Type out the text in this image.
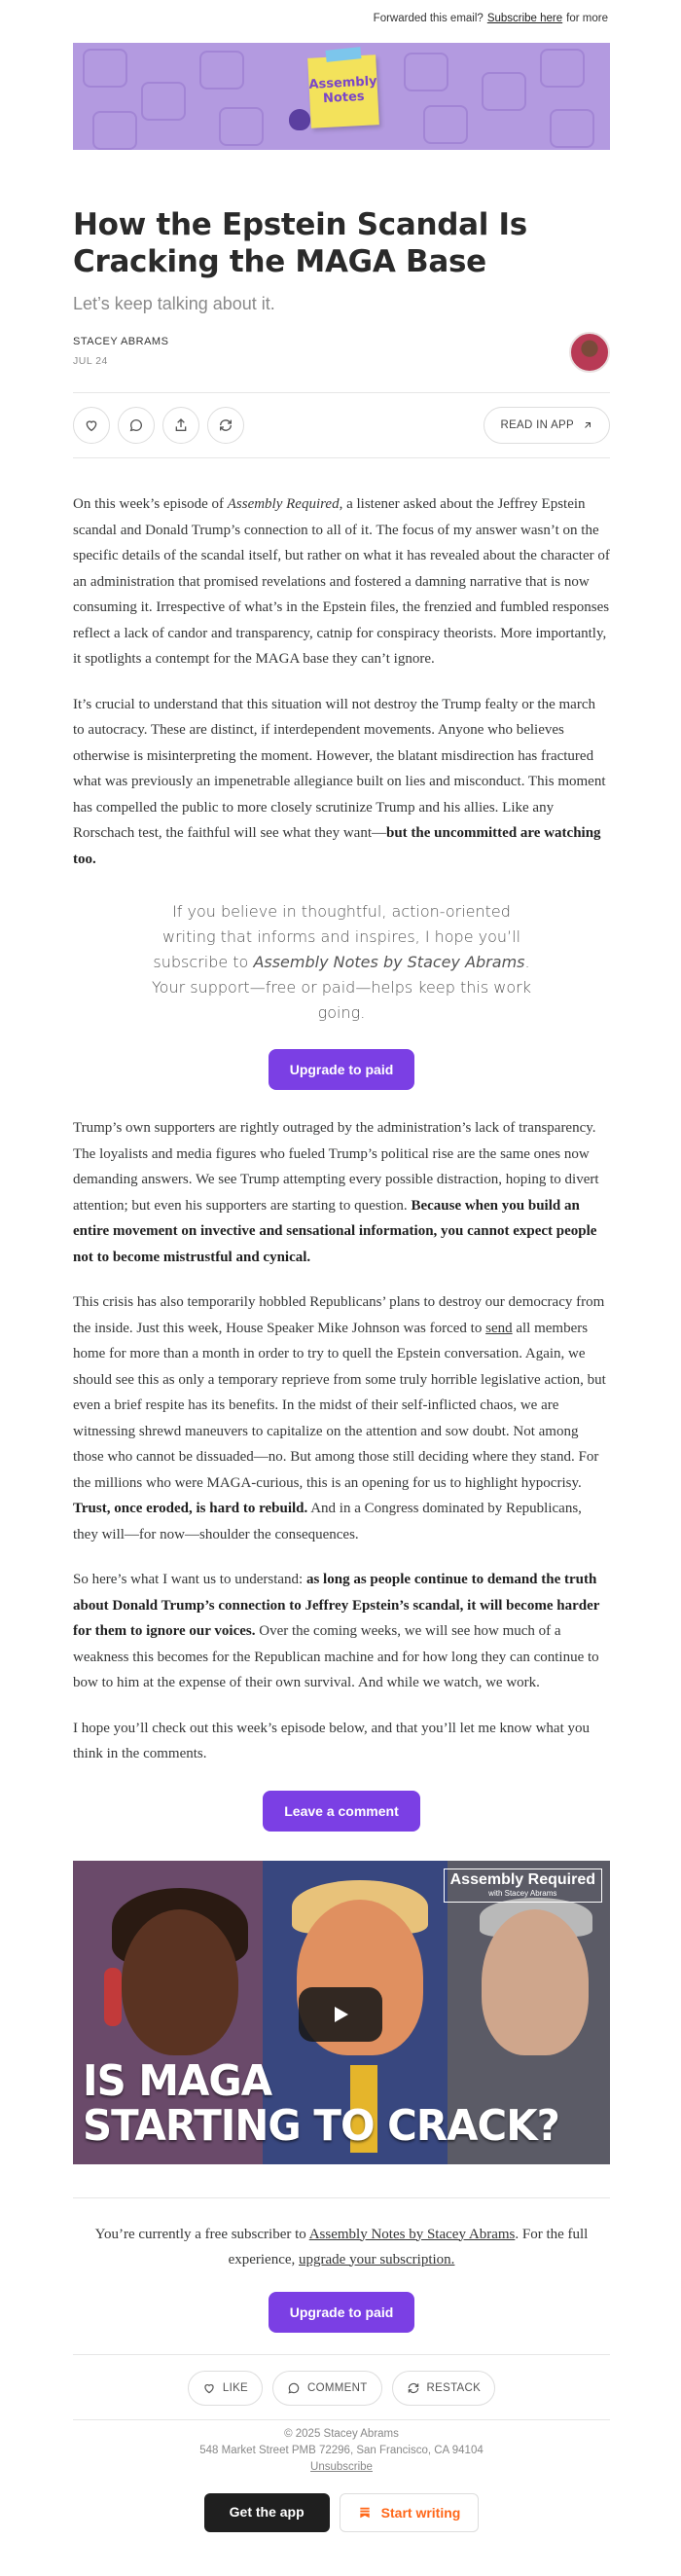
Forwarded this email? Subscribe here for more
Assembly
Notes
How the Epstein Scandal Is Cracking the MAGA Base
Let’s keep talking about it.
STACEY ABRAMS
JUL 24
READ IN APP

On this week’s episode of Assembly Required, a listener asked about the Jeffrey Epstein scandal and Donald Trump’s connection to all of it. The focus of my answer wasn’t on the specific details of the scandal itself, but rather on what it has revealed about the character of an administration that promised revelations and fostered a damning narrative that is now consuming it. Irrespective of what’s in the Epstein files, the frenzied and fumbled responses reflect a lack of candor and transparency, catnip for conspiracy theorists. More importantly, it spotlights a contempt for the MAGA base they can’t ignore.

It’s crucial to understand that this situation will not destroy the Trump fealty or the march to autocracy. These are distinct, if interdependent movements. Anyone who believes otherwise is misinterpreting the moment. However, the blatant misdirection has fractured what was previously an impenetrable allegiance built on lies and misconduct. This moment has compelled the public to more closely scrutinize Trump and his allies. Like any Rorschach test, the faithful will see what they want—but the uncommitted are watching too.

If you believe in thoughtful, action-oriented writing that informs and inspires, I hope you’ll subscribe to Assembly Notes by Stacey Abrams. Your support—free or paid—helps keep this work going.
Upgrade to paid

Trump’s own supporters are rightly outraged by the administration’s lack of transparency. The loyalists and media figures who fueled Trump’s political rise are the same ones now demanding answers. We see Trump attempting every possible distraction, hoping to divert attention; but even his supporters are starting to question. Because when you build an entire movement on invective and sensational information, you cannot expect people not to become mistrustful and cynical.

This crisis has also temporarily hobbled Republicans’ plans to destroy our democracy from the inside. Just this week, House Speaker Mike Johnson was forced to send all members home for more than a month in order to try to quell the Epstein conversation. Again, we should see this as only a temporary reprieve from some truly horrible legislative action, but even a brief respite has its benefits. In the midst of their self-inflicted chaos, we are witnessing shrewd maneuvers to capitalize on the attention and sow doubt. Not among those who cannot be dissuaded—no. But among those still deciding where they stand. For the millions who were MAGA-curious, this is an opening for us to highlight hypocrisy. Trust, once eroded, is hard to rebuild. And in a Congress dominated by Republicans, they will—for now—shoulder the consequences.

So here’s what I want us to understand: as long as people continue to demand the truth about Donald Trump’s connection to Jeffrey Epstein’s scandal, it will become harder for them to ignore our voices. Over the coming weeks, we will see how much of a weakness this becomes for the Republican machine and for how long they can continue to bow to him at the expense of their own survival. And while we watch, we work.

I hope you’ll check out this week’s episode below, and that you’ll let me know what you think in the comments.

Leave a comment
Assembly Required
with Stacey Abrams
IS MAGA
STARTING TO CRACK?
You’re currently a free subscriber to Assembly Notes by Stacey Abrams. For the full experience, upgrade your subscription.
Upgrade to paid
LIKE	COMMENT	RESTACK
© 2025 Stacey Abrams
548 Market Street PMB 72296, San Francisco, CA 94104
Unsubscribe
Get the app	Start writing
